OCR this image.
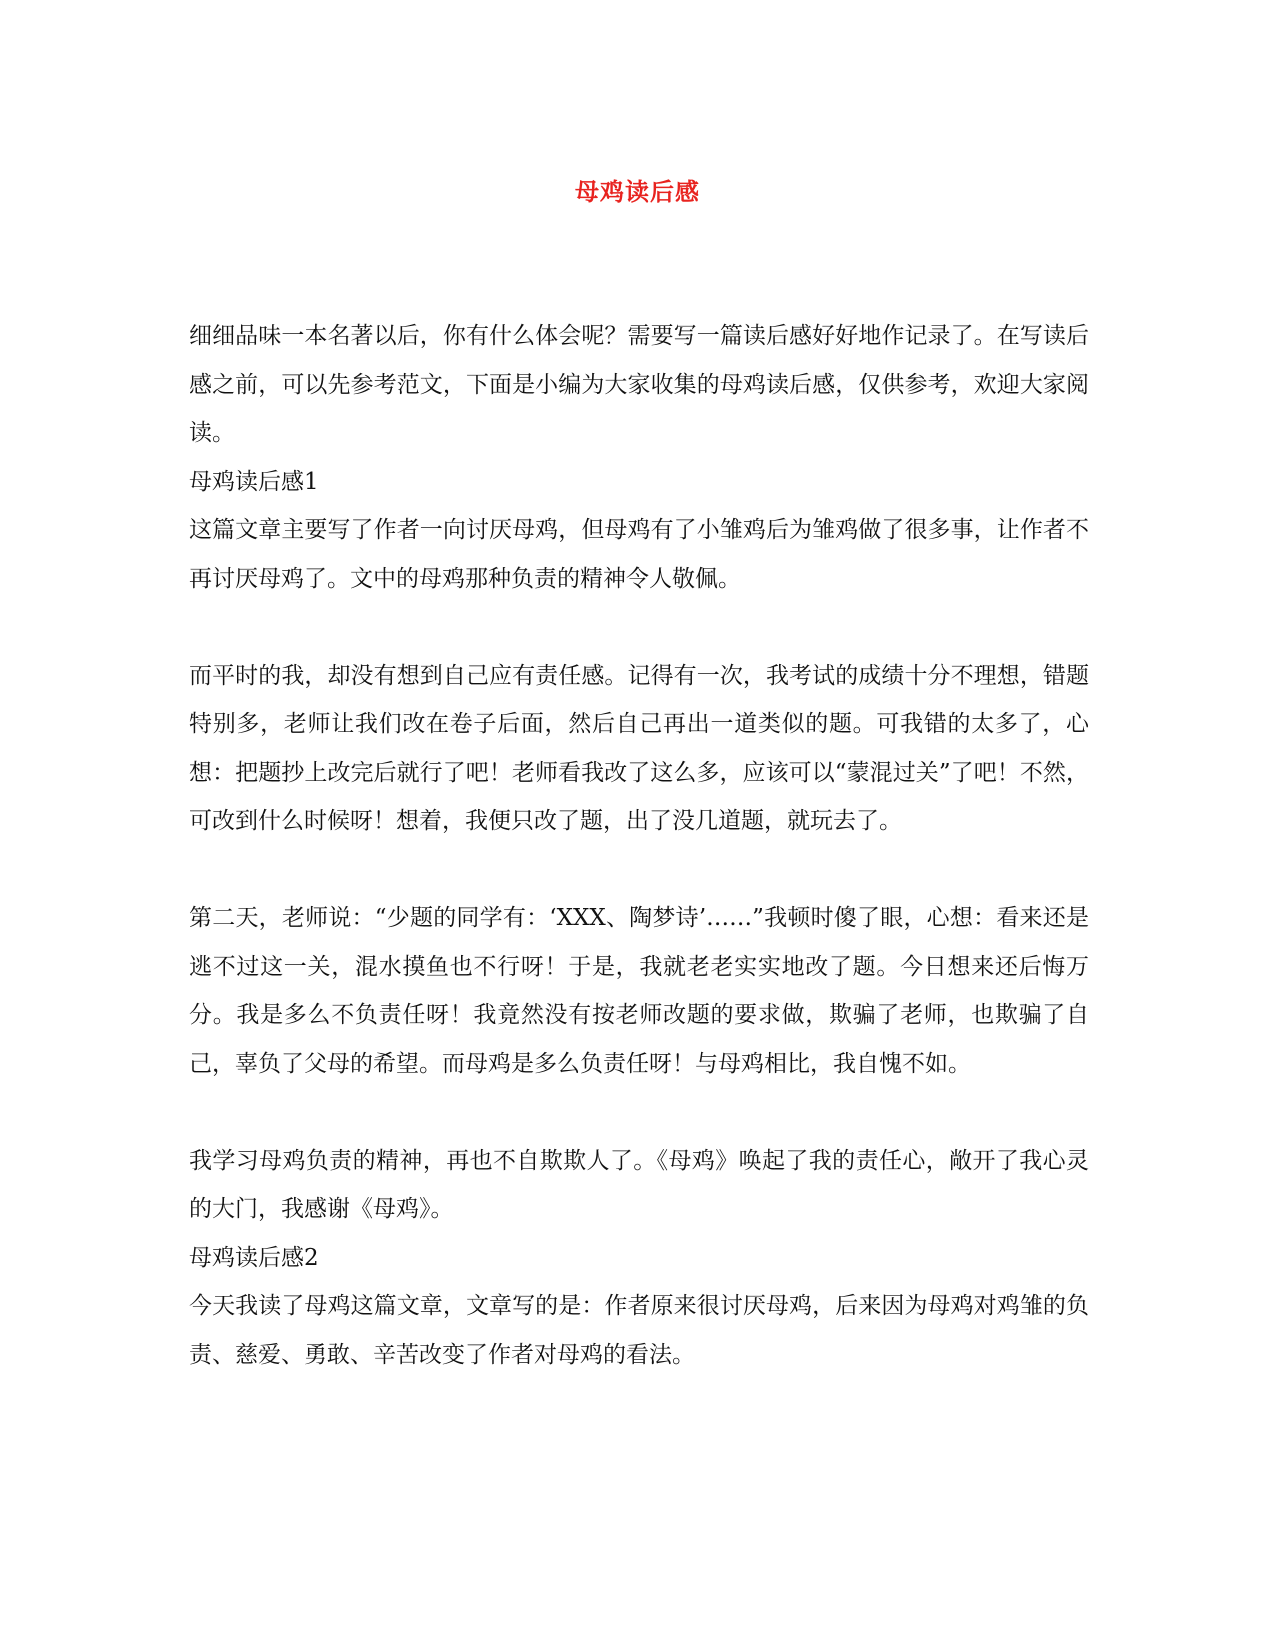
母鸡读后感

细细品味一本名著以后，你有什么体会呢？需要写一篇读后感好好地作记录了。在写读后感之前，可以先参考范文，下面是小编为大家收集的母鸡读后感，仅供参考，欢迎大家阅读。

母鸡读后感1

这篇文章主要写了作者一向讨厌母鸡，但母鸡有了小雏鸡后为雏鸡做了很多事，让作者不再讨厌母鸡了。文中的母鸡那种负责的精神令人敬佩。

而平时的我，却没有想到自己应有责任感。记得有一次，我考试的成绩十分不理想，错题特别多，老师让我们改在卷子后面，然后自己再出一道类似的题。可我错的太多了，心想：把题抄上改完后就行了吧！老师看我改了这么多，应该可以“蒙混过关”了吧！不然，可改到什么时候呀！想着，我便只改了题，出了没几道题，就玩去了。

第二天，老师说：“少题的同学有：‘XXX、陶梦诗’……”我顿时傻了眼，心想：看来还是逃不过这一关，混水摸鱼也不行呀！于是，我就老老实实地改了题。今日想来还后悔万分。我是多么不负责任呀！我竟然没有按老师改题的要求做，欺骗了老师，也欺骗了自己，辜负了父母的希望。而母鸡是多么负责任呀！与母鸡相比，我自愧不如。

我学习母鸡负责的精神，再也不自欺欺人了。《母鸡》唤起了我的责任心，敞开了我心灵的大门，我感谢《母鸡》。

母鸡读后感2

今天我读了母鸡这篇文章，文章写的是：作者原来很讨厌母鸡，后来因为母鸡对鸡雏的负责、慈爱、勇敢、辛苦改变了作者对母鸡的看法。
